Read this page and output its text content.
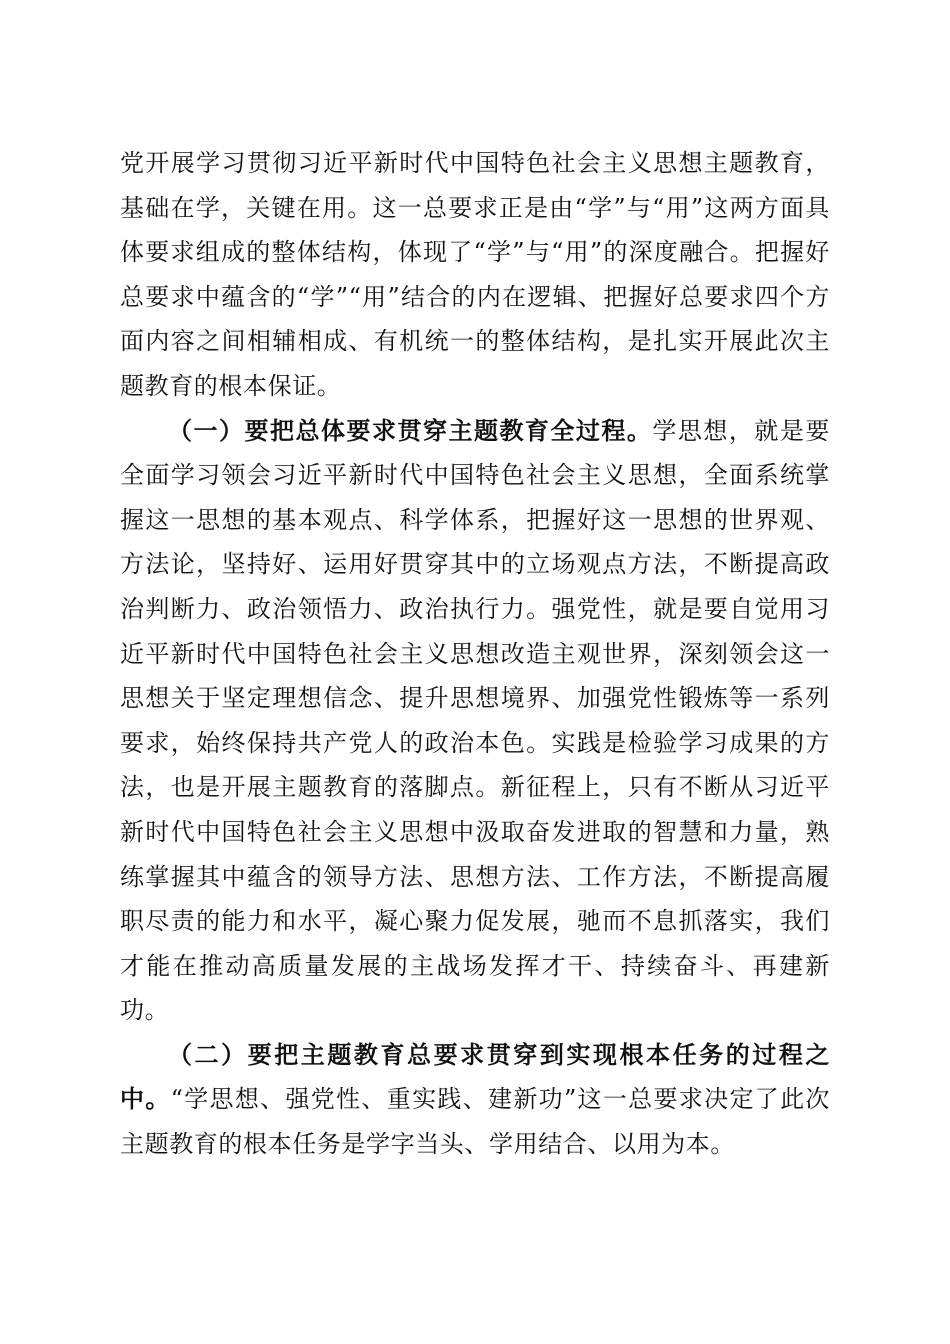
党开展学习贯彻习近平新时代中国特色社会主义思想主题教育，基础在学，关键在用。这一总要求正是由“学”与“用”这两方面具体要求组成的整体结构，体现了“学”与“用”的深度融合。把握好总要求中蕴含的“学”“用”结合的内在逻辑、把握好总要求四个方面内容之间相辅相成、有机统一的整体结构，是扎实开展此次主题教育的根本保证。

（一）要把总体要求贯穿主题教育全过程。学思想，就是要全面学习领会习近平新时代中国特色社会主义思想，全面系统掌握这一思想的基本观点、科学体系，把握好这一思想的世界观、方法论，坚持好、运用好贯穿其中的立场观点方法，不断提高政治判断力、政治领悟力、政治执行力。强党性，就是要自觉用习近平新时代中国特色社会主义思想改造主观世界，深刻领会这一思想关于坚定理想信念、提升思想境界、加强党性锻炼等一系列要求，始终保持共产党人的政治本色。实践是检验学习成果的方法，也是开展主题教育的落脚点。新征程上，只有不断从习近平新时代中国特色社会主义思想中汲取奋发进取的智慧和力量，熟练掌握其中蕴含的领导方法、思想方法、工作方法，不断提高履职尽责的能力和水平，凝心聚力促发展，驰而不息抓落实，我们才能在推动高质量发展的主战场发挥才干、持续奋斗、再建新功。

（二）要把主题教育总要求贯穿到实现根本任务的过程之中。“学思想、强党性、重实践、建新功”这一总要求决定了此次主题教育的根本任务是学字当头、学用结合、以用为本。
